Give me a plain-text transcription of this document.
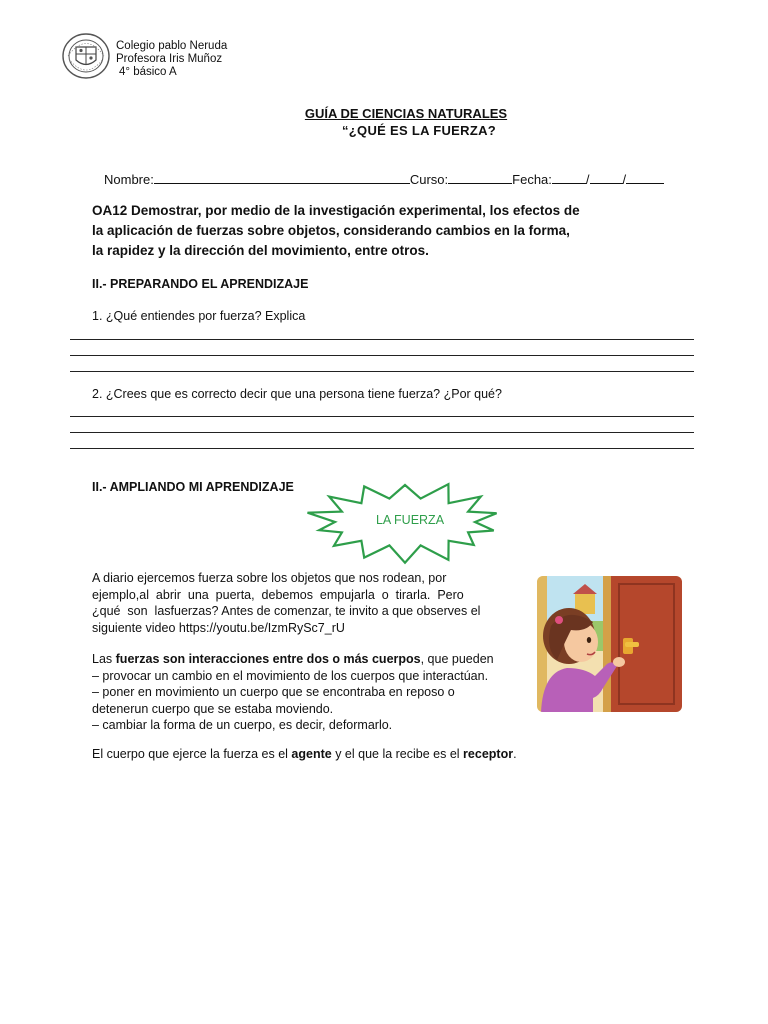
Colegio pablo Neruda
Profesora Iris Muñoz
4° básico A
GUÍA DE CIENCIAS NATURALES
“¿QUÉ ES LA FUERZA?
Nombre:	Curso:	Fecha:	/	/
OA12 Demostrar, por medio de la investigación experimental, los efectos de
la aplicación de fuerzas sobre objetos, considerando cambios en la forma,
la rapidez y la dirección del movimiento, entre otros.
II.- PREPARANDO EL APRENDIZAJE
1. ¿Qué entiendes por fuerza? Explica
2. ¿Crees que es correcto decir que una persona tiene fuerza? ¿Por qué?
II.- AMPLIANDO MI APRENDIZAJE
LA FUERZA
A diario ejercemos fuerza sobre los objetos que nos rodean, por
ejemplo,al  abrir  una  puerta,  debemos  empujarla  o  tirarla.  Pero
¿qué  son  lasfuerzas? Antes de comenzar, te invito a que observes el
siguiente video https://youtu.be/IzmRySc7_rU
Las fuerzas son interacciones entre dos o más cuerpos, que pueden
– provocar un cambio en el movimiento de los cuerpos que interactúan.
– poner en movimiento un cuerpo que se encontraba en reposo o
detenerun cuerpo que se estaba moviendo.
– cambiar la forma de un cuerpo, es decir, deformarlo.
El cuerpo que ejerce la fuerza es el agente y el que la recibe es el receptor.
